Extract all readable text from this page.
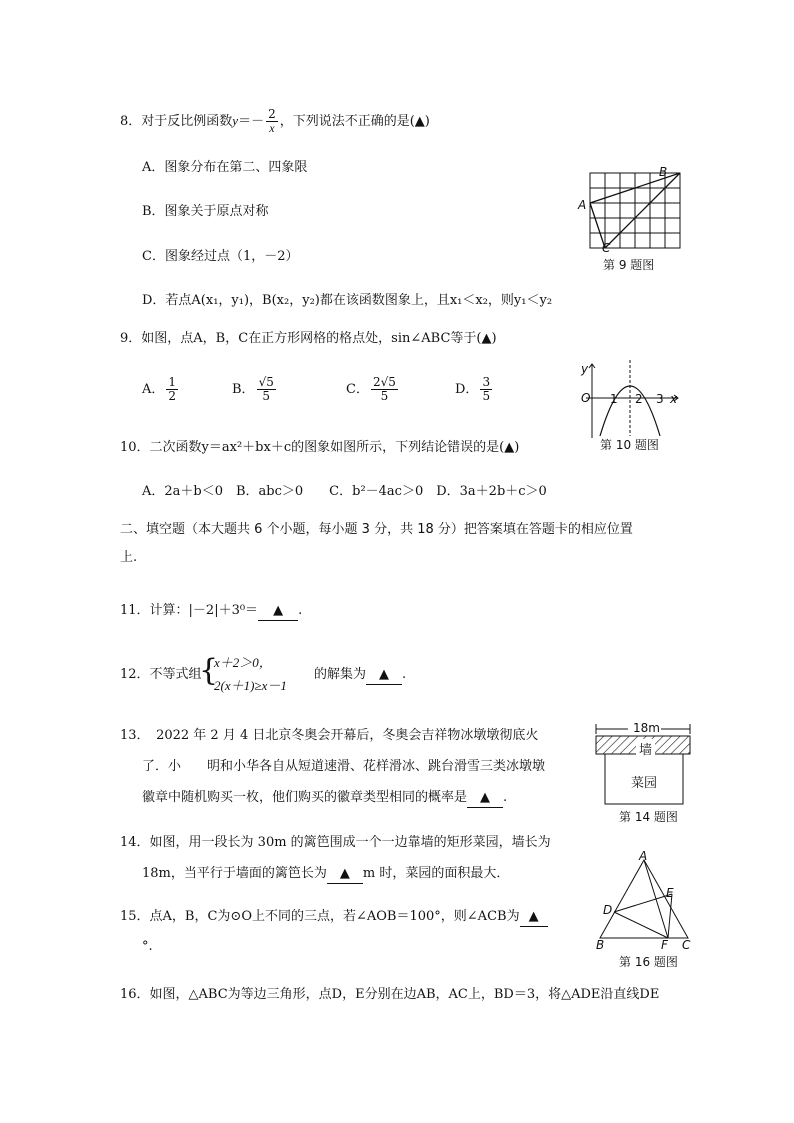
8．对于反比例函数$y=- \frac{2}{x}$ ，下列说法不正确的是(▲)
A．图象分布在第二、四象限
B．图象关于原点对称
C．图象经过点（1，－2）
D．若点A(x₁，y₁)，B(x₂，y₂)都在该函数图象上，且x₁＜x₂，则y₁＜y₂
9．如图，点A，B，C在正方形网格的格点处，sin∠ABC等于(▲)
A． $\frac{1}{2}$	B． $\frac{√5}{5}$	C． $\frac{2√5}{5}$	D． $\frac{3}{5}$
10．二次函数y＝ax²＋bx＋c的图象如图所示，下列结论错误的是(▲)
A．2a＋b＜0　B．abc＞0　　C．b²－4ac＞0　D．3a＋2b＋c＞0
二、填空题（本大题共 6 个小题，每小题 3 分，共 18 分）把答案填在答题卡的相应位置
上.
11．计算：|－2|＋3⁰＝ ▲ .
12．不等式组
{
x＋2＞0，
2(x＋1)≥x－1
的解集为 ▲ .
13．　 2022 年 2 月 4 日北京冬奥会开幕后，冬奥会吉祥物冰墩墩彻底火
了．小　　明和小华各自从短道速滑、花样滑冰、跳台滑雪三类冰墩墩
徽章中随机购买一枚，他们购买的徽章类型相同的概率是 ▲ .
14．如图，用一段长为 30m 的篱笆围成一个一边靠墙的矩形菜园，墙长为
18m，当平行于墙面的篱笆长为 ▲ m 时，菜园的面积最大．
15．点A，B，C为⊙O上不同的三点，若∠AOB＝100°，则∠ACB为 ▲
°.
16．如图，△ABC为等边三角形，点D，E分别在边AB，AC上，BD＝3，将△ADE沿直线DE
A
B
C
第 9 题图
y
x
O 1 2 3
第 10 题图
18m
墙
菜园
第 14 题图
A
B	C
D
E
F
第 16 题图
